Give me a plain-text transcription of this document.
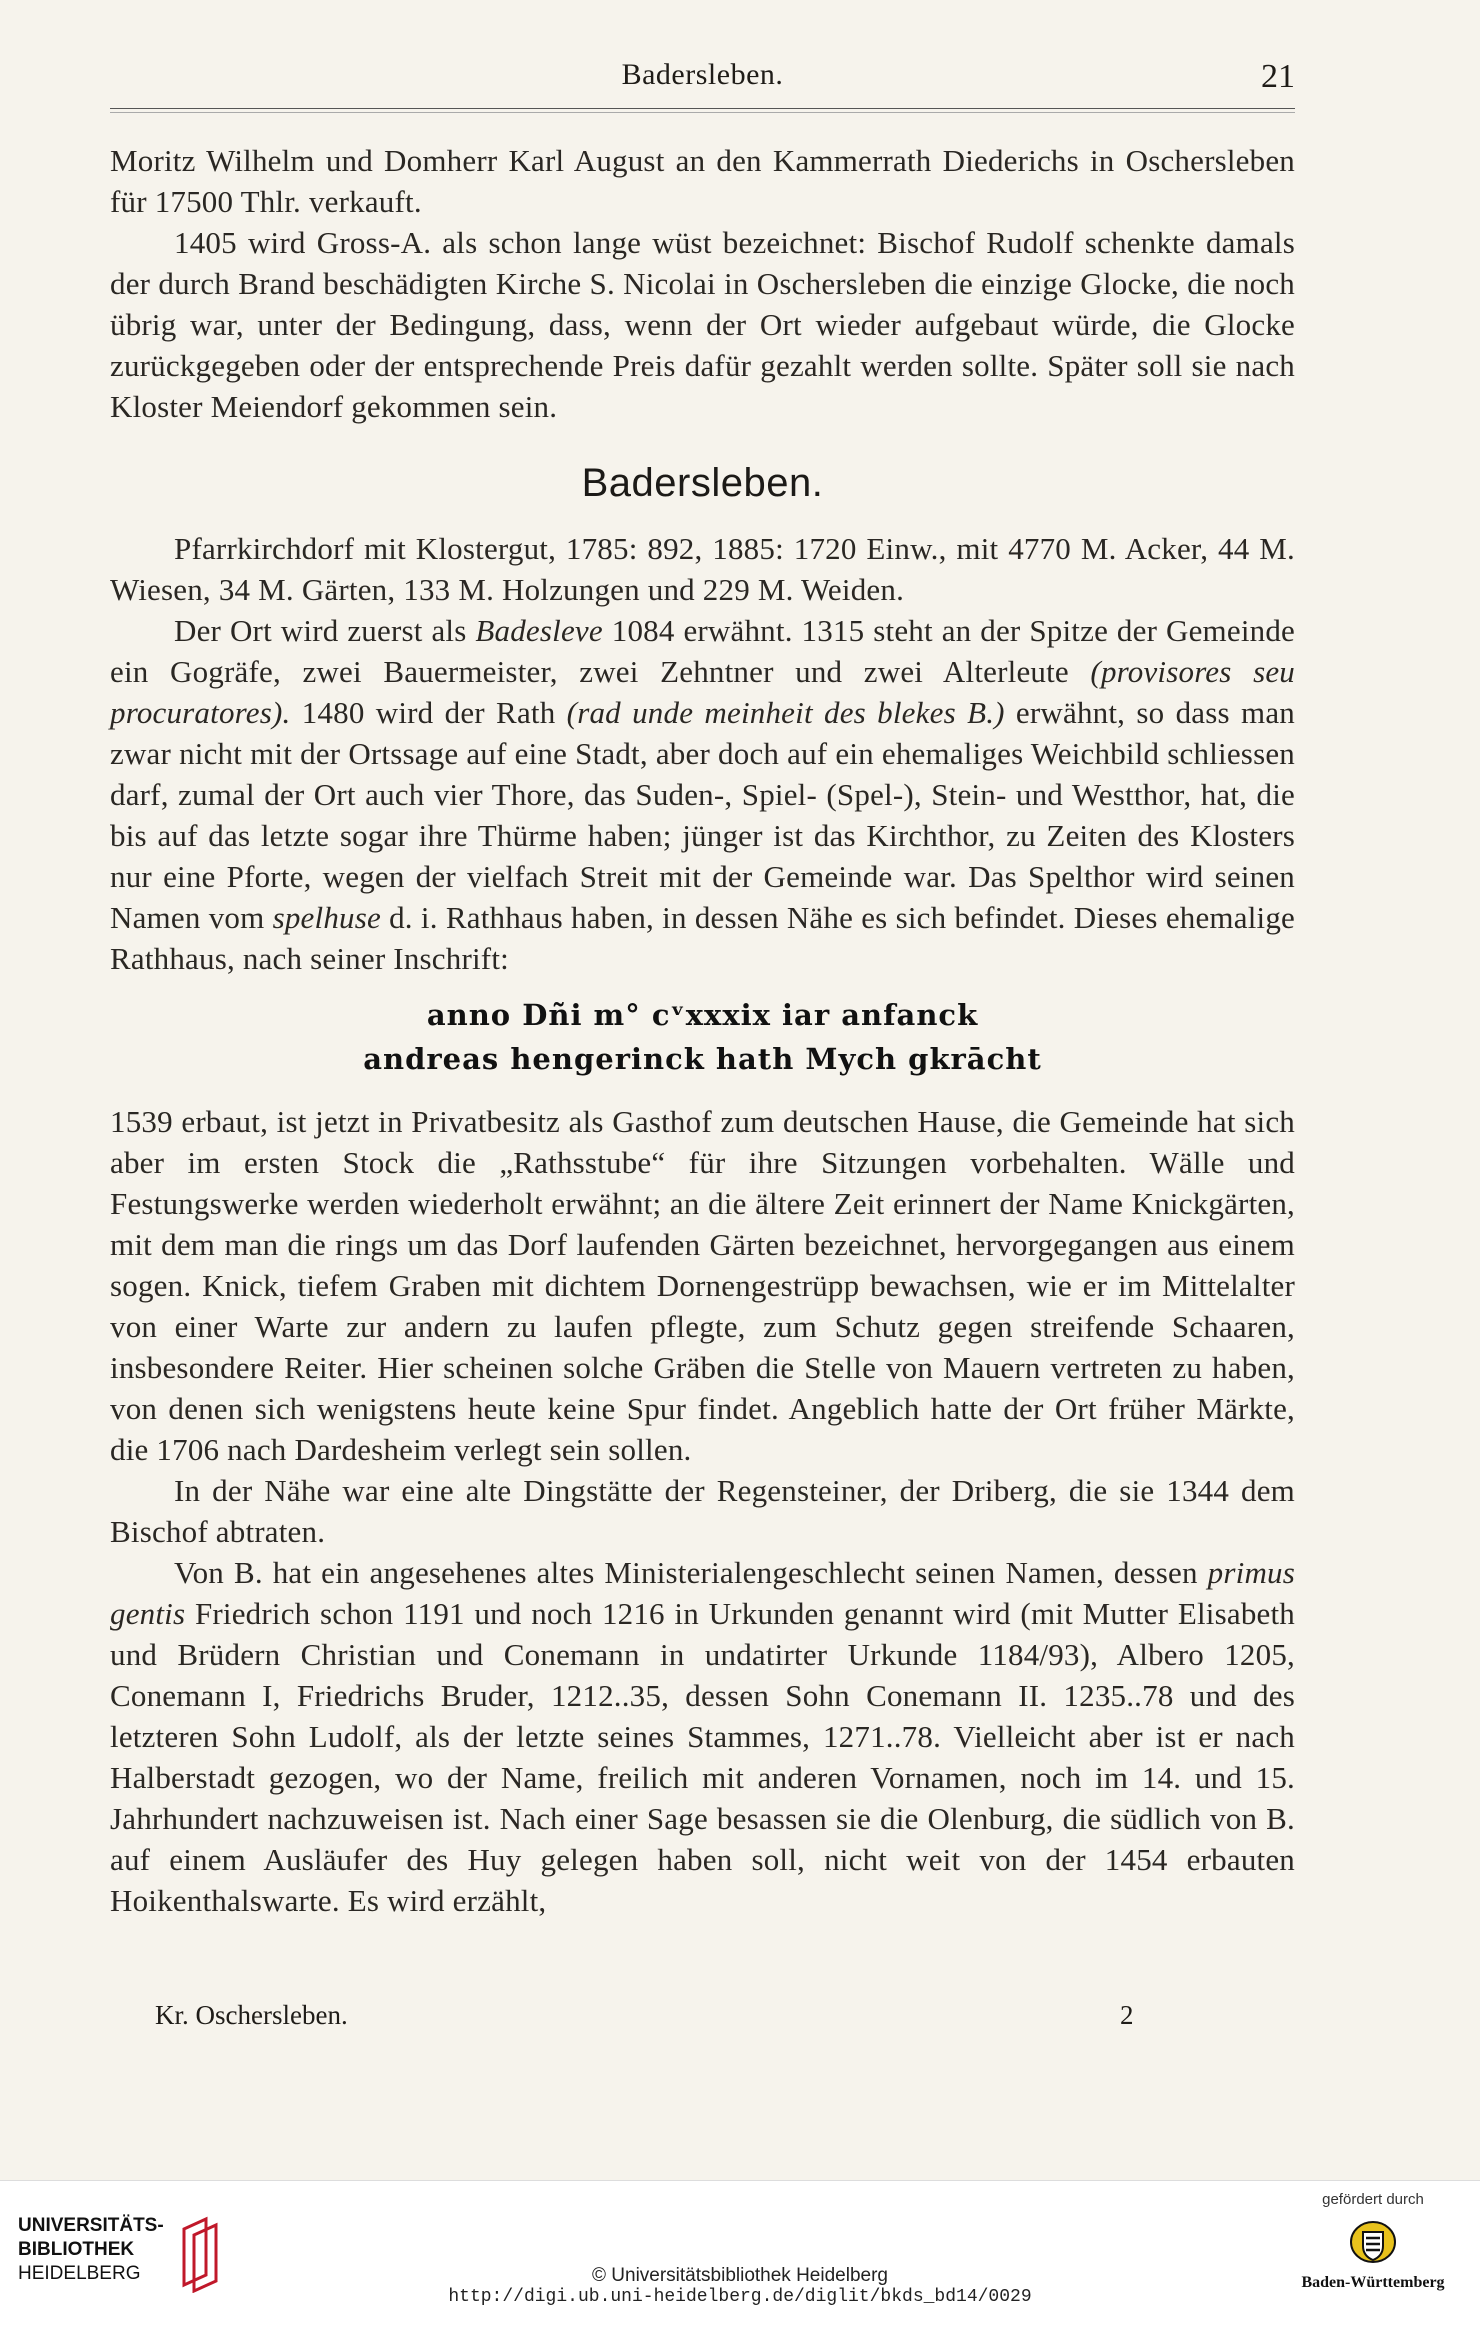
Badersleben.	21

Moritz Wilhelm und Domherr Karl August an den Kammerrath Diederichs in Oschersleben für 17500 Thlr. verkauft.

1405 wird Gross-A. als schon lange wüst bezeichnet: Bischof Rudolf schenkte damals der durch Brand beschädigten Kirche S. Nicolai in Oschersleben die einzige Glocke, die noch übrig war, unter der Bedingung, dass, wenn der Ort wieder aufgebaut würde, die Glocke zurückgegeben oder der entsprechende Preis dafür gezahlt werden sollte. Später soll sie nach Kloster Meiendorf gekommen sein.

Badersleben.

Pfarrkirchdorf mit Klostergut, 1785: 892, 1885: 1720 Einw., mit 4770 M. Acker, 44 M. Wiesen, 34 M. Gärten, 133 M. Holzungen und 229 M. Weiden.

Der Ort wird zuerst als Badesleve 1084 erwähnt. 1315 steht an der Spitze der Gemeinde ein Gogräfe, zwei Bauermeister, zwei Zehntner und zwei Alterleute (provisores seu procuratores). 1480 wird der Rath (rad unde meinheit des blekes B.) erwähnt, so dass man zwar nicht mit der Ortssage auf eine Stadt, aber doch auf ein ehemaliges Weichbild schliessen darf, zumal der Ort auch vier Thore, das Suden-, Spiel- (Spel-), Stein- und Westthor, hat, die bis auf das letzte sogar ihre Thürme haben; jünger ist das Kirchthor, zu Zeiten des Klosters nur eine Pforte, wegen der vielfach Streit mit der Gemeinde war. Das Spelthor wird seinen Namen vom spelhuse d. i. Rathhaus haben, in dessen Nähe es sich befindet. Dieses ehemalige Rathhaus, nach seiner Inschrift:

anno Dñi m° cᵛxxxix iar anfanck
andreas hengerinck hath Mych gkrācht

1539 erbaut, ist jetzt in Privatbesitz als Gasthof zum deutschen Hause, die Gemeinde hat sich aber im ersten Stock die „Rathsstube“ für ihre Sitzungen vorbehalten. Wälle und Festungswerke werden wiederholt erwähnt; an die ältere Zeit erinnert der Name Knickgärten, mit dem man die rings um das Dorf laufenden Gärten bezeichnet, hervorgegangen aus einem sogen. Knick, tiefem Graben mit dichtem Dornengestrüpp bewachsen, wie er im Mittelalter von einer Warte zur andern zu laufen pflegte, zum Schutz gegen streifende Schaaren, insbesondere Reiter. Hier scheinen solche Gräben die Stelle von Mauern vertreten zu haben, von denen sich wenigstens heute keine Spur findet. Angeblich hatte der Ort früher Märkte, die 1706 nach Dardesheim verlegt sein sollen.

In der Nähe war eine alte Dingstätte der Regensteiner, der Driberg, die sie 1344 dem Bischof abtraten.

Von B. hat ein angesehenes altes Ministerialengeschlecht seinen Namen, dessen primus gentis Friedrich schon 1191 und noch 1216 in Urkunden genannt wird (mit Mutter Elisabeth und Brüdern Christian und Conemann in undatirter Urkunde 1184/93), Albero 1205, Conemann I, Friedrichs Bruder, 1212..35, dessen Sohn Conemann II. 1235..78 und des letzteren Sohn Ludolf, als der letzte seines Stammes, 1271..78. Vielleicht aber ist er nach Halberstadt gezogen, wo der Name, freilich mit anderen Vornamen, noch im 14. und 15. Jahrhundert nachzuweisen ist. Nach einer Sage besassen sie die Olenburg, die südlich von B. auf einem Ausläufer des Huy gelegen haben soll, nicht weit von der 1454 erbauten Hoikenthalswarte. Es wird erzählt,

Kr. Oschersleben.	2
UNIVERSITÄTS-
BIBLIOTHEK
HEIDELBERG	© Universitätsbibliothek Heidelberg
http://digi.ub.uni-heidelberg.de/diglit/bkds_bd14/0029
gefördert durch
Baden-Württemberg
